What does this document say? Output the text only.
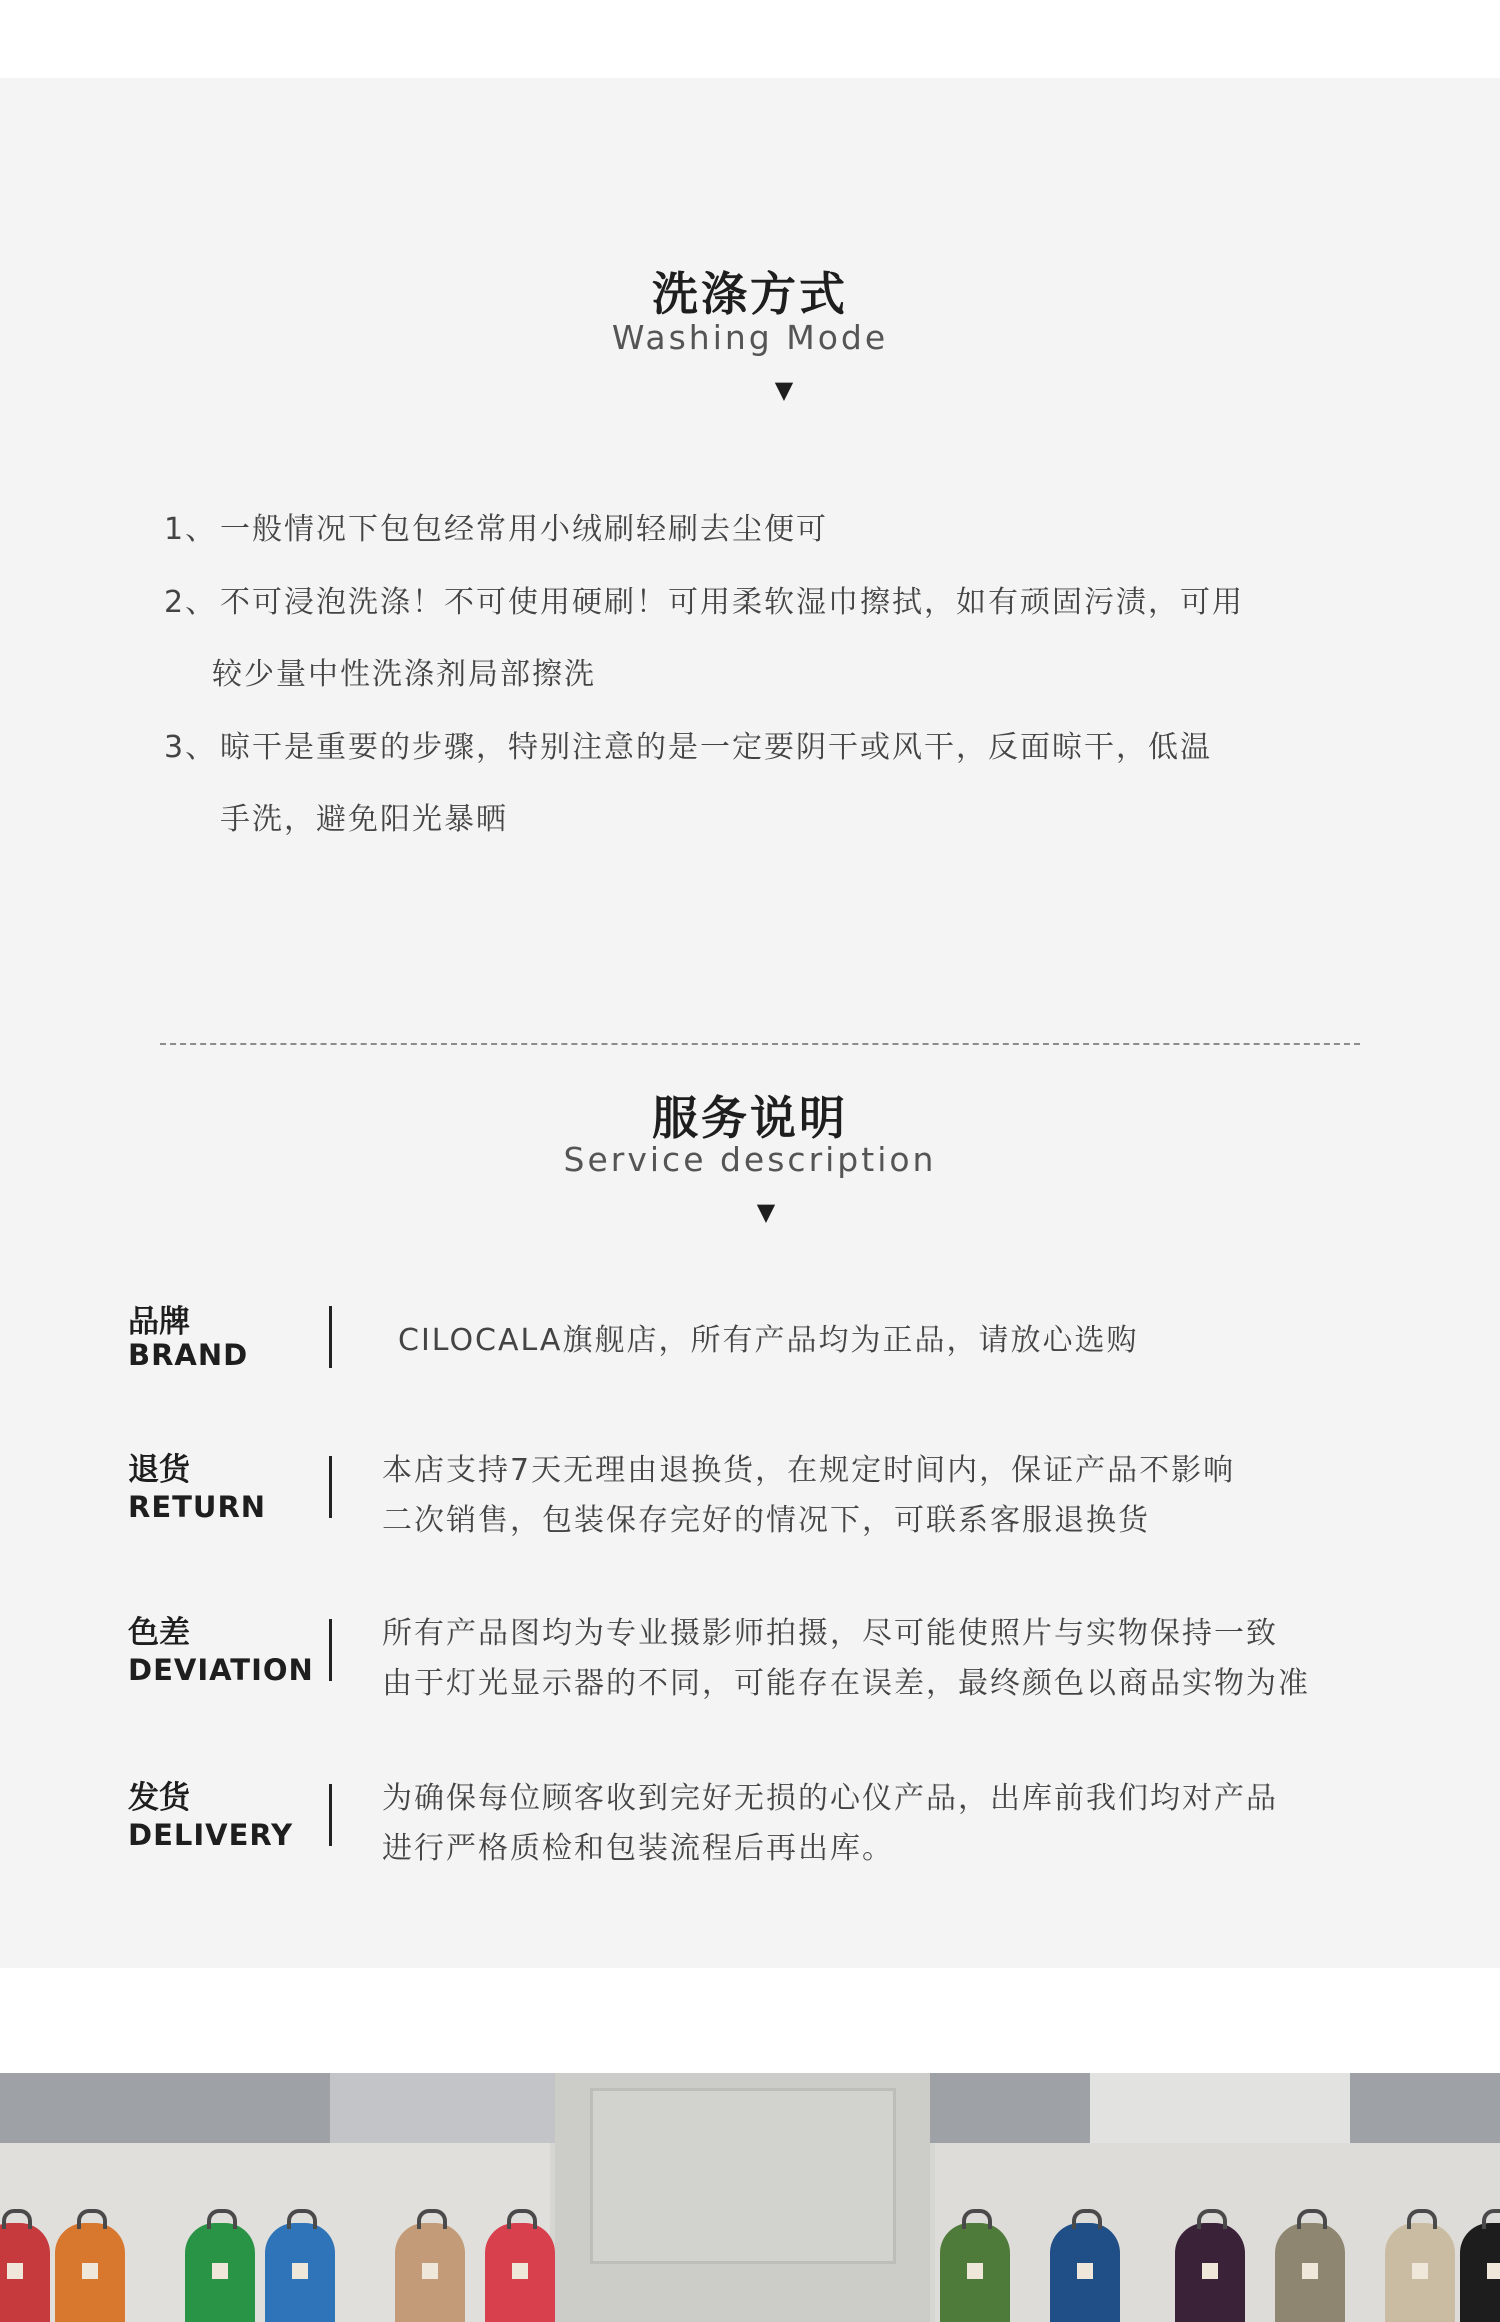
洗涤方式
Washing Mode
▼
1、一般情况下包包经常用小绒刷轻刷去尘便可
2、不可浸泡洗涤！不可使用硬刷！可用柔软湿巾擦拭，如有顽固污渍，可用
较少量中性洗涤剂局部擦洗
3、晾干是重要的步骤，特别注意的是一定要阴干或风干，反面晾干，低温
手洗，避免阳光暴晒
服务说明
Service description
▼
品牌
BRAND	CILOCALA旗舰店，所有产品均为正品，请放心选购
退货
RETURN
本店支持7天无理由退换货，在规定时间内，保证产品不影响
二次销售，包装保存完好的情况下，可联系客服退换货
色差
DEVIATION
所有产品图均为专业摄影师拍摄，尽可能使照片与实物保持一致
由于灯光显示器的不同，可能存在误差，最终颜色以商品实物为准
发货
DELIVERY
为确保每位顾客收到完好无损的心仪产品，出库前我们均对产品
进行严格质检和包装流程后再出库。
